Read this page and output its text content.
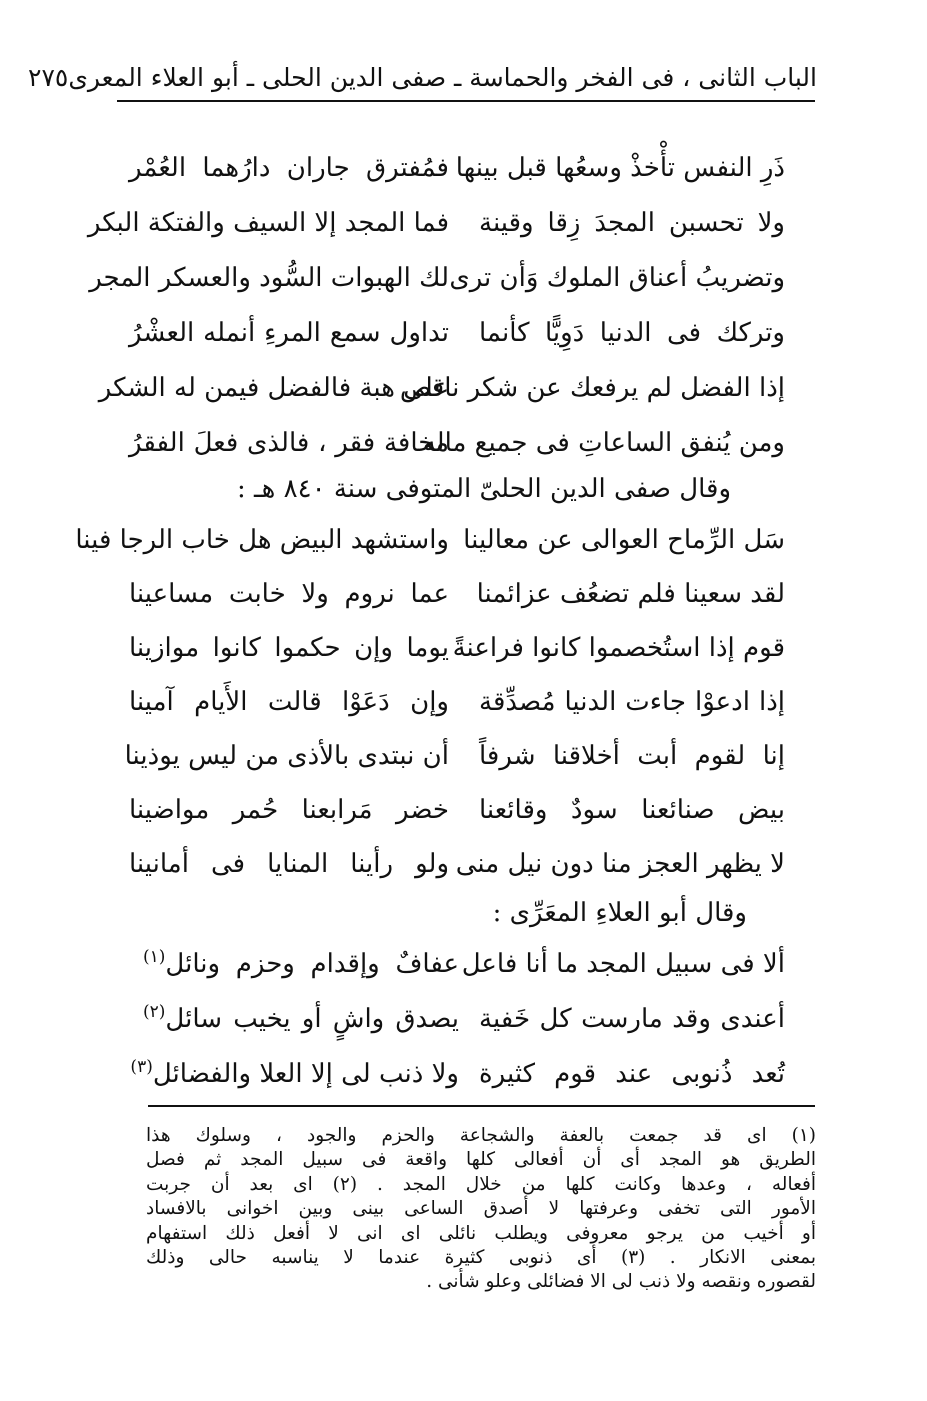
الباب الثانى ، فى الفخر والحماسة ـ صفى الدين الحلى ـ أبو العلاء المعرى
٢٧٥
ذَرِ النفس تأْخذْ وسعُها قبل بينها
فمُفترق جاران دارُهما العُمْر
ولا تحسبن المجدَ زِقا وقينة
فما المجد إلا السيف والفتكة البكر
وتضريبُ أعناق الملوك وَأن ترى
لك الهبوات السُّود والعسكر المجر
وتركك فى الدنيا دَوِيًّا كأنما
تداول سمع المرءِ أنمله العشْرُ
إذا الفضل لم يرفعك عن شكر ناقص
على هبة فالفضل فيمن له الشكر
ومن يُنفق الساعاتِ فى جميع ماله
مخافة فقر ، فالذى فعلَ الفقرُ
وقال صفى الدين الحلىّ المتوفى سنة ٨٤٠ هـ :
سَل الرِّماح العوالى عن معالينا
واستشهد البيض هل خاب الرجا فينا
لقد سعينا فلم تضعُف عزائمنا
عما نروم ولا خابت مساعينا
قوم إذا استُخصموا كانوا فراعنةً
يوما وإن حكموا كانوا موازينا
إذا ادعوْا جاءت الدنيا مُصدِّقة
وإن دَعَوْا قالت الأَيام آمينا
إنا لقوم أبت أخلاقنا شرفاً
أن نبتدى بالأذى من ليس يوذينا
بيض صنائعنا سودٌ وقائعنا
خضر مَرابعنا حُمر مواضينا
لا يظهر العجز منا دون نيل منى
ولو رأينا المنايا فى أمانينا
وقال أبو العلاءِ المعَرِّى :
ألا فى سبيل المجد ما أنا فاعل
عفافٌ وإقدام وحزم ونائل$^{(١)}$
أعندى وقد مارست كل خَفية
يصدق واشٍ أو يخيب سائل$^{(٢)}$
تُعد ذُنوبى عند قوم كثيرة
ولا ذنب لى إلا العلا والفضائل$^{(٣)}$
(١) اى قد جمعت بالعفة والشجاعة والحزم والجود ، وسلوك هذا
الطريق هو المجد أى أن أفعالى كلها واقعة فى سبيل المجد ثم فصل
أفعاله ، وعدها وكانت كلها من خلال المجد . (٢) اى بعد أن جربت
الأمور التى تخفى وعرفتها لا أصدق الساعى بينى وبين اخوانى بالافساد
أو أخيب من يرجو معروفى ويطلب نائلى اى انى لا أفعل ذلك استفهام
بمعنى الانكار . (٣) أى ذنوبى كثيرة عندما لا يناسبه حالى وذلك
لقصوره ونقصه ولا ذنب لى الا فضائلى وعلو شأنى .
